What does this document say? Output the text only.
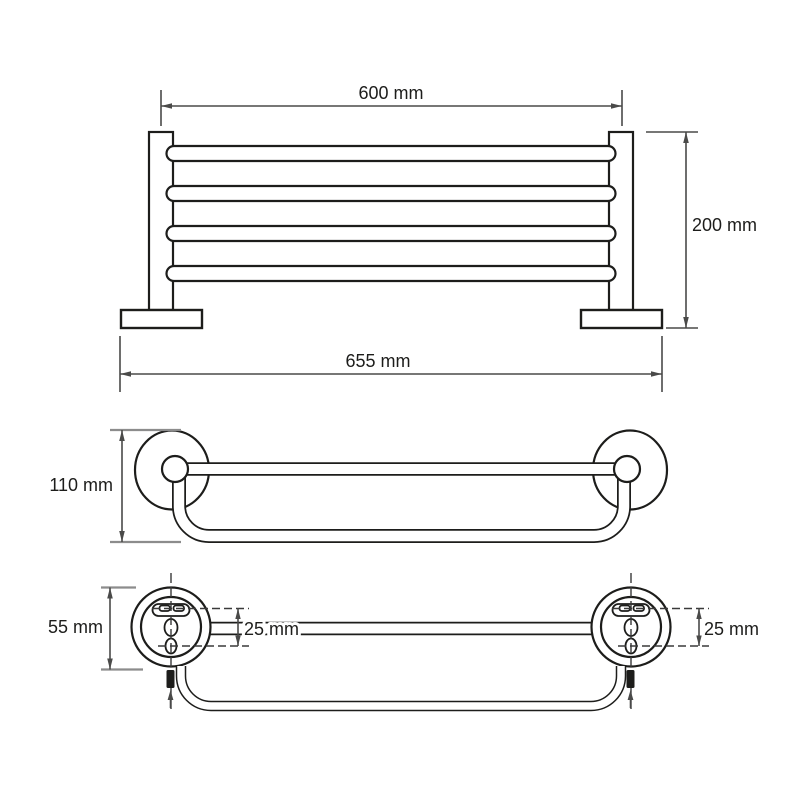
600 mm
200 mm
655 mm
110 mm
55 mm	25 mm	25 mm
